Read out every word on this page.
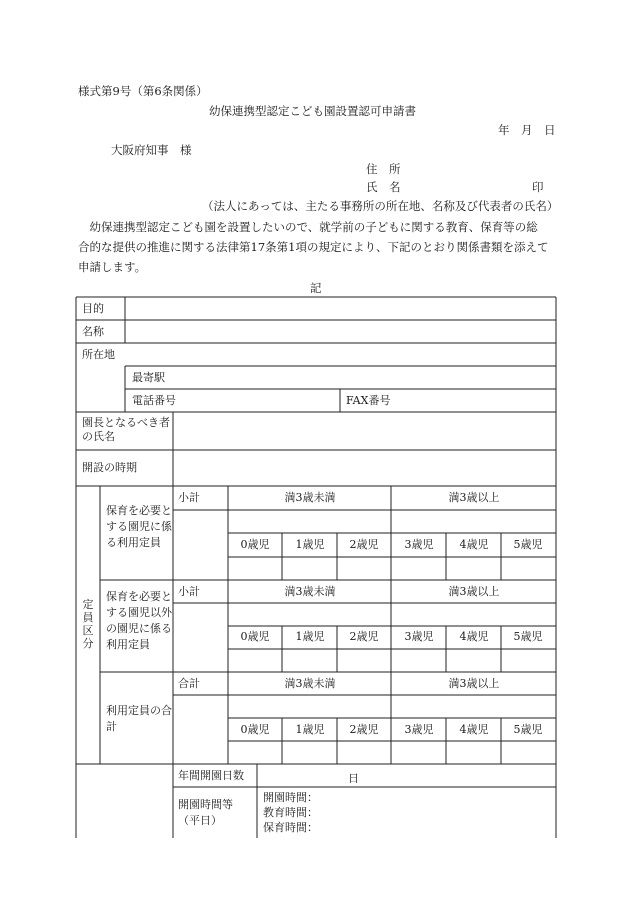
様式第9号（第6条関係）
幼保連携型認定こども園設置認可申請書
年　月　日
大阪府知事　様
住　所
氏　名	印
（法人にあっては、主たる事務所の所在地、名称及び代表者の氏名）
　幼保連携型認定こども園を設置したいので、就学前の子どもに関する教育、保育等の総
合的な提供の推進に関する法律第17条第1項の規定により、下記のとおり関係書類を添えて
申請します。
記
目的
名称
所在地
最寄駅
電話番号	FAX番号
園長となるべき者の氏名
開設の時期
定員区分
保育を必要とする園児に係る利用定員
小計	満3歳未満	満3歳以上
0歳児 1歳児 2歳児 3歳児 4歳児 5歳児
保育を必要とする園児以外の園児に係る利用定員
小計	満3歳未満	満3歳以上
0歳児 1歳児 2歳児 3歳児 4歳児 5歳児
利用定員の合計
合計	満3歳未満	満3歳以上
0歳児 1歳児 2歳児 3歳児 4歳児 5歳児
年間開園日数	日
開園時間等
（平日）
開園時間：
教育時間：
保育時間：
